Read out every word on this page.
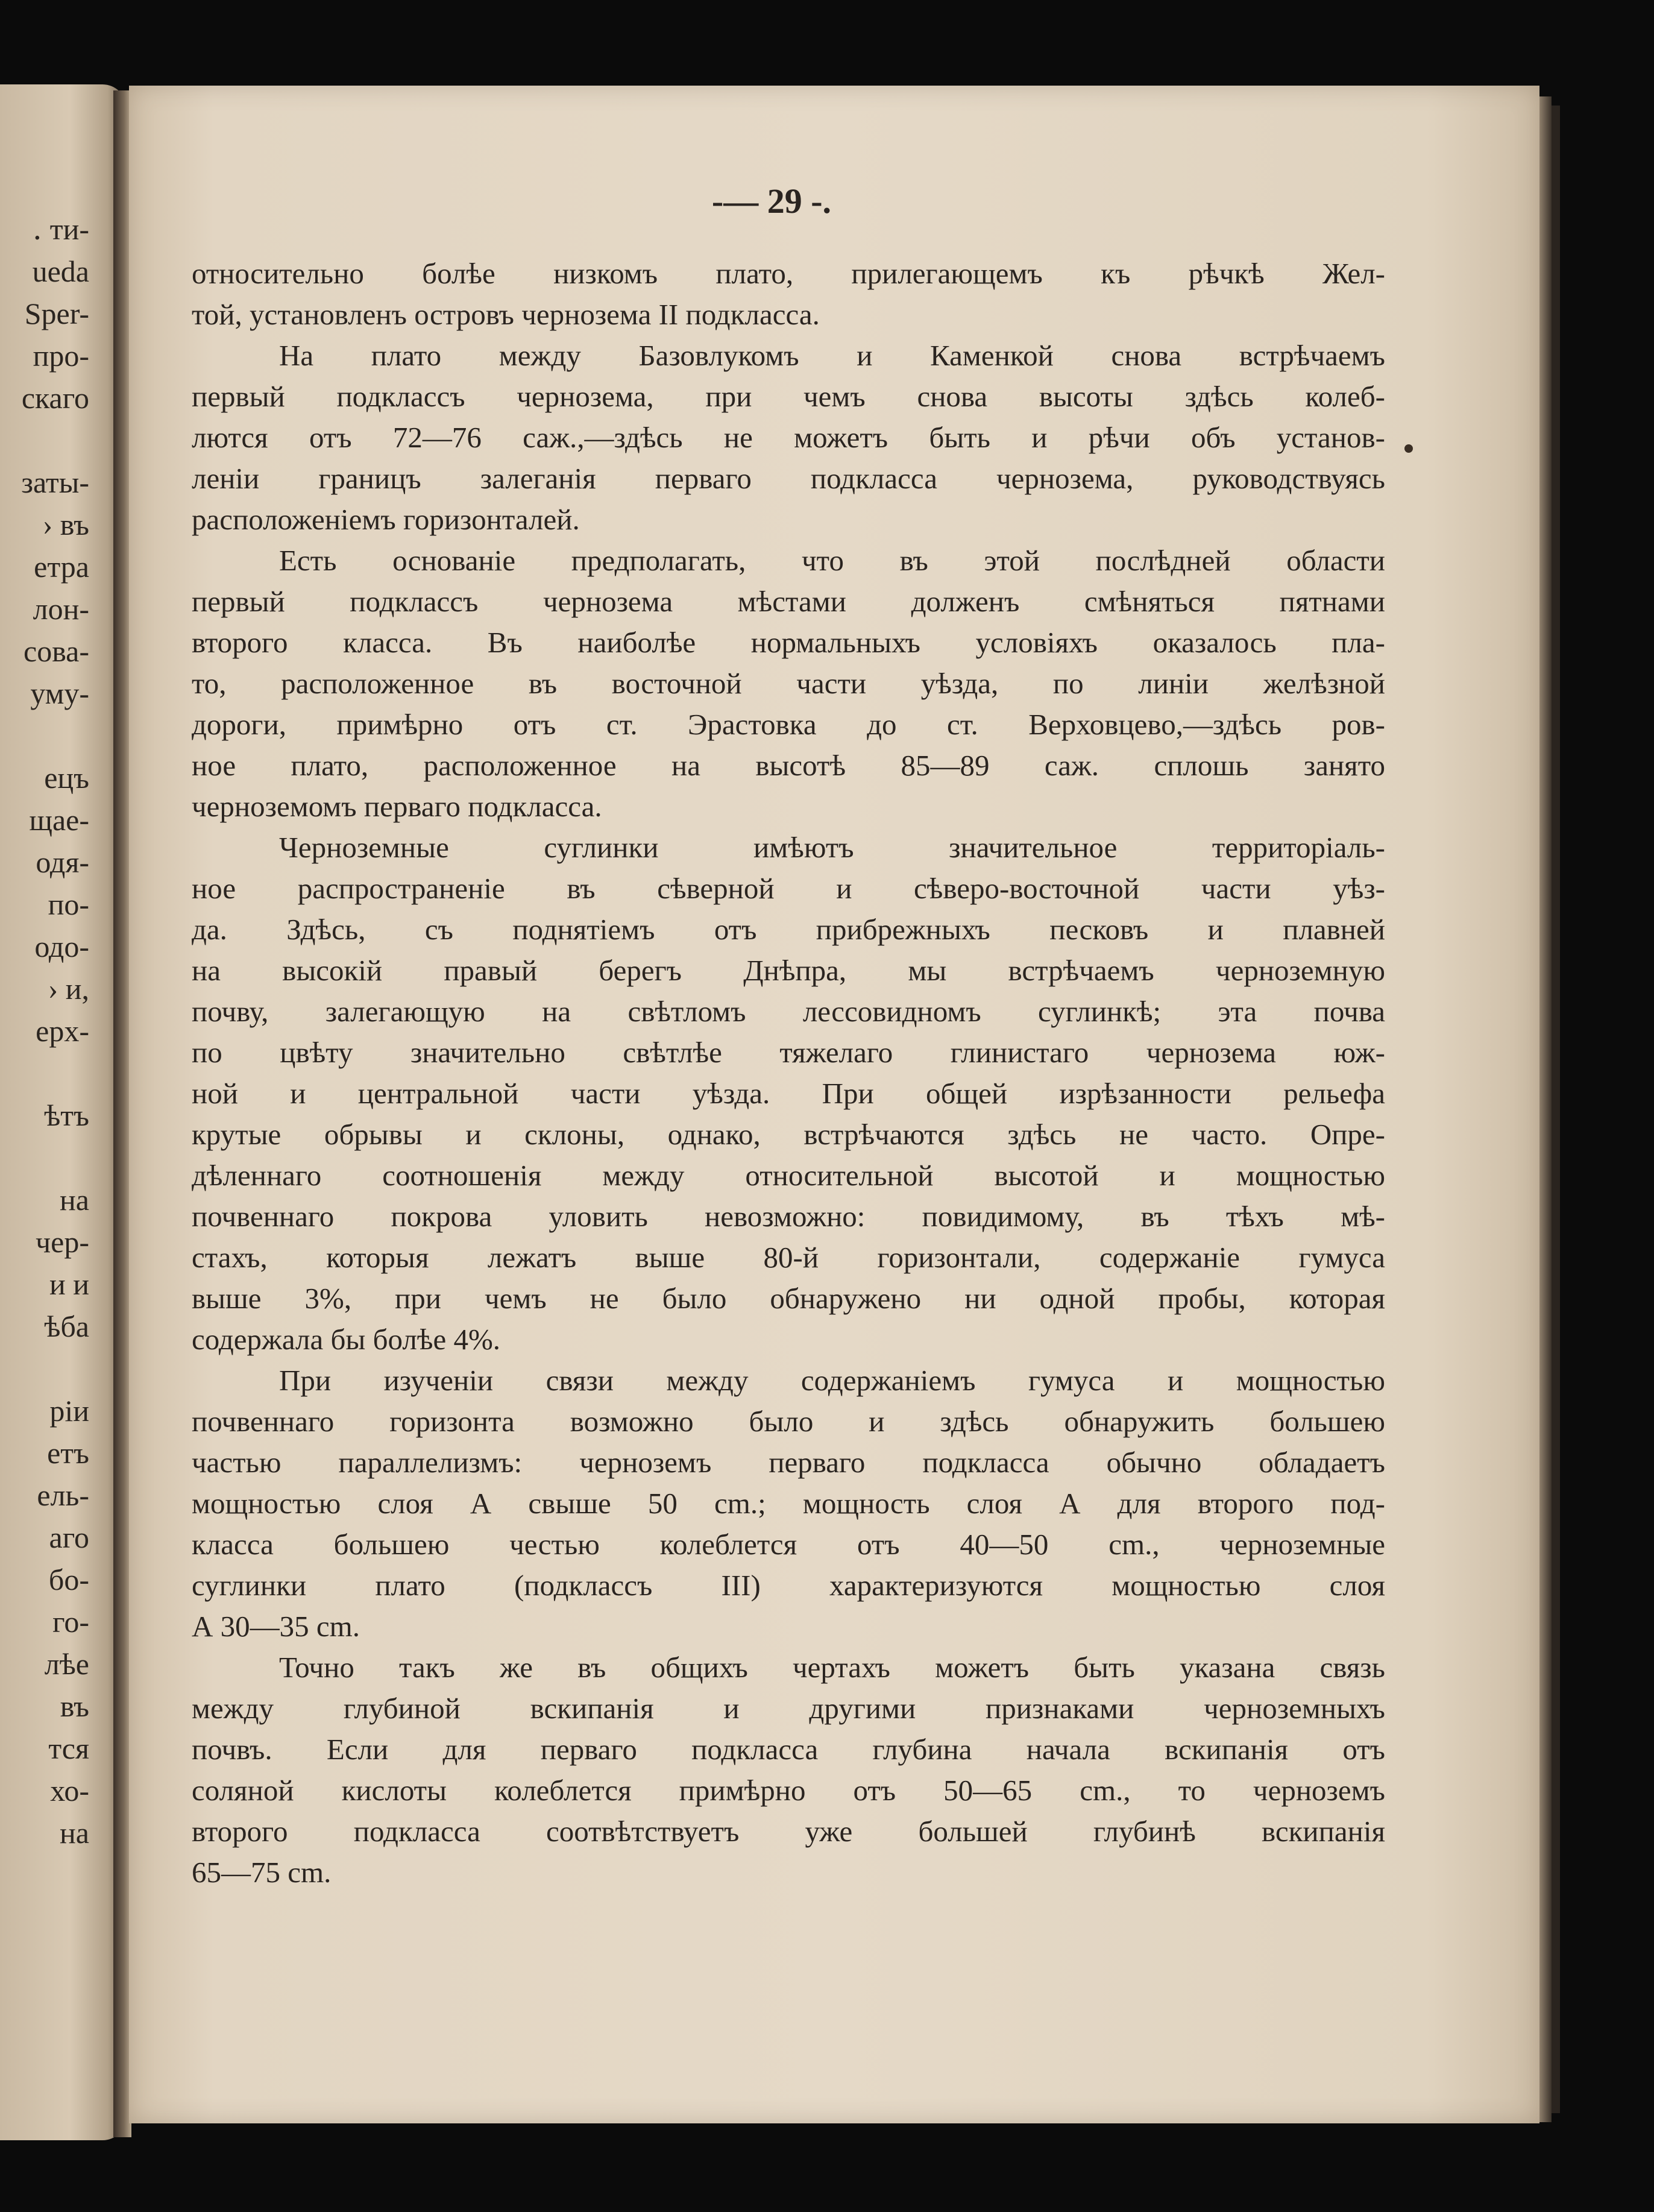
․ ти-
ueda
Sper-
про-
скаго
заты-
› въ
етра
лон-
сова-
уму-
ецъ
щае-
одя-
по-
одо-
› и,
ерх-
ѣтъ
на
чер-
и и
ѣба
ріи
етъ
ель-
аго
бо-
го-
лѣе
въ
тся
хо-
на
-— 29 -.
относительно болѣе низкомъ плато, прилегающемъ къ рѣчкѣ Жел-
той, установленъ островъ чернозема II подкласса.
На плато между Базовлукомъ и Каменкой снова встрѣчаемъ
первый подклассъ чернозема, при чемъ снова высоты здѣсь колеб-
лются отъ 72—76 саж.,—здѣсь не можетъ быть и рѣчи объ установ-
леніи границъ залеганія перваго подкласса чернозема, руководствуясь
расположеніемъ горизонталей.
Есть основаніе предполагать, что въ этой послѣдней области
первый подклассъ чернозема мѣстами долженъ смѣняться пятнами
второго класса. Въ наиболѣе нормальныхъ условіяхъ оказалось пла-
то, расположенное въ восточной части уѣзда, по линіи желѣзной
дороги, примѣрно отъ ст. Эрастовка до ст. Верховцево,—здѣсь ров-
ное плато, расположенное на высотѣ 85—89 саж. сплошь занято
черноземомъ перваго подкласса.
Черноземные суглинки имѣютъ значительное территоріаль-
ное распространеніе въ сѣверной и сѣверо-восточной части уѣз-
да. Здѣсь, съ поднятіемъ отъ прибрежныхъ песковъ и плавней
на высокій правый берегъ Днѣпра, мы встрѣчаемъ черноземную
почву, залегающую на свѣтломъ лессовидномъ суглинкѣ; эта почва
по цвѣту значительно свѣтлѣе тяжелаго глинистаго чернозема юж-
ной и центральной части уѣзда. При общей изрѣзанности рельефа
крутые обрывы и склоны, однако, встрѣчаются здѣсь не часто. Опре-
дѣленнаго соотношенія между относительной высотой и мощностью
почвеннаго покрова уловить невозможно: повидимому, въ тѣхъ мѣ-
стахъ, которыя лежатъ выше 80-й горизонтали, содержаніе гумуса
выше 3%, при чемъ не было обнаружено ни одной пробы, которая
содержала бы болѣе 4%.
При изученіи связи между содержаніемъ гумуса и мощностью
почвеннаго горизонта возможно было и здѣсь обнаружить большею
частью параллелизмъ: черноземъ перваго подкласса обычно обладаетъ
мощностью слоя А свыше 50 cm.; мощность слоя А для второго под-
класса большею честью колеблется отъ 40—50 cm., черноземные
суглинки плато (подклассъ III) характеризуются мощностью слоя
А 30—35 cm.
Точно такъ же въ общихъ чертахъ можетъ быть указана связь
между глубиной вскипанія и другими признаками черноземныхъ
почвъ. Если для перваго подкласса глубина начала вскипанія отъ
соляной кислоты колеблется примѣрно отъ 50—65 cm., то черноземъ
второго подкласса соотвѣтствуетъ уже большей глубинѣ вскипанія
65—75 cm.
